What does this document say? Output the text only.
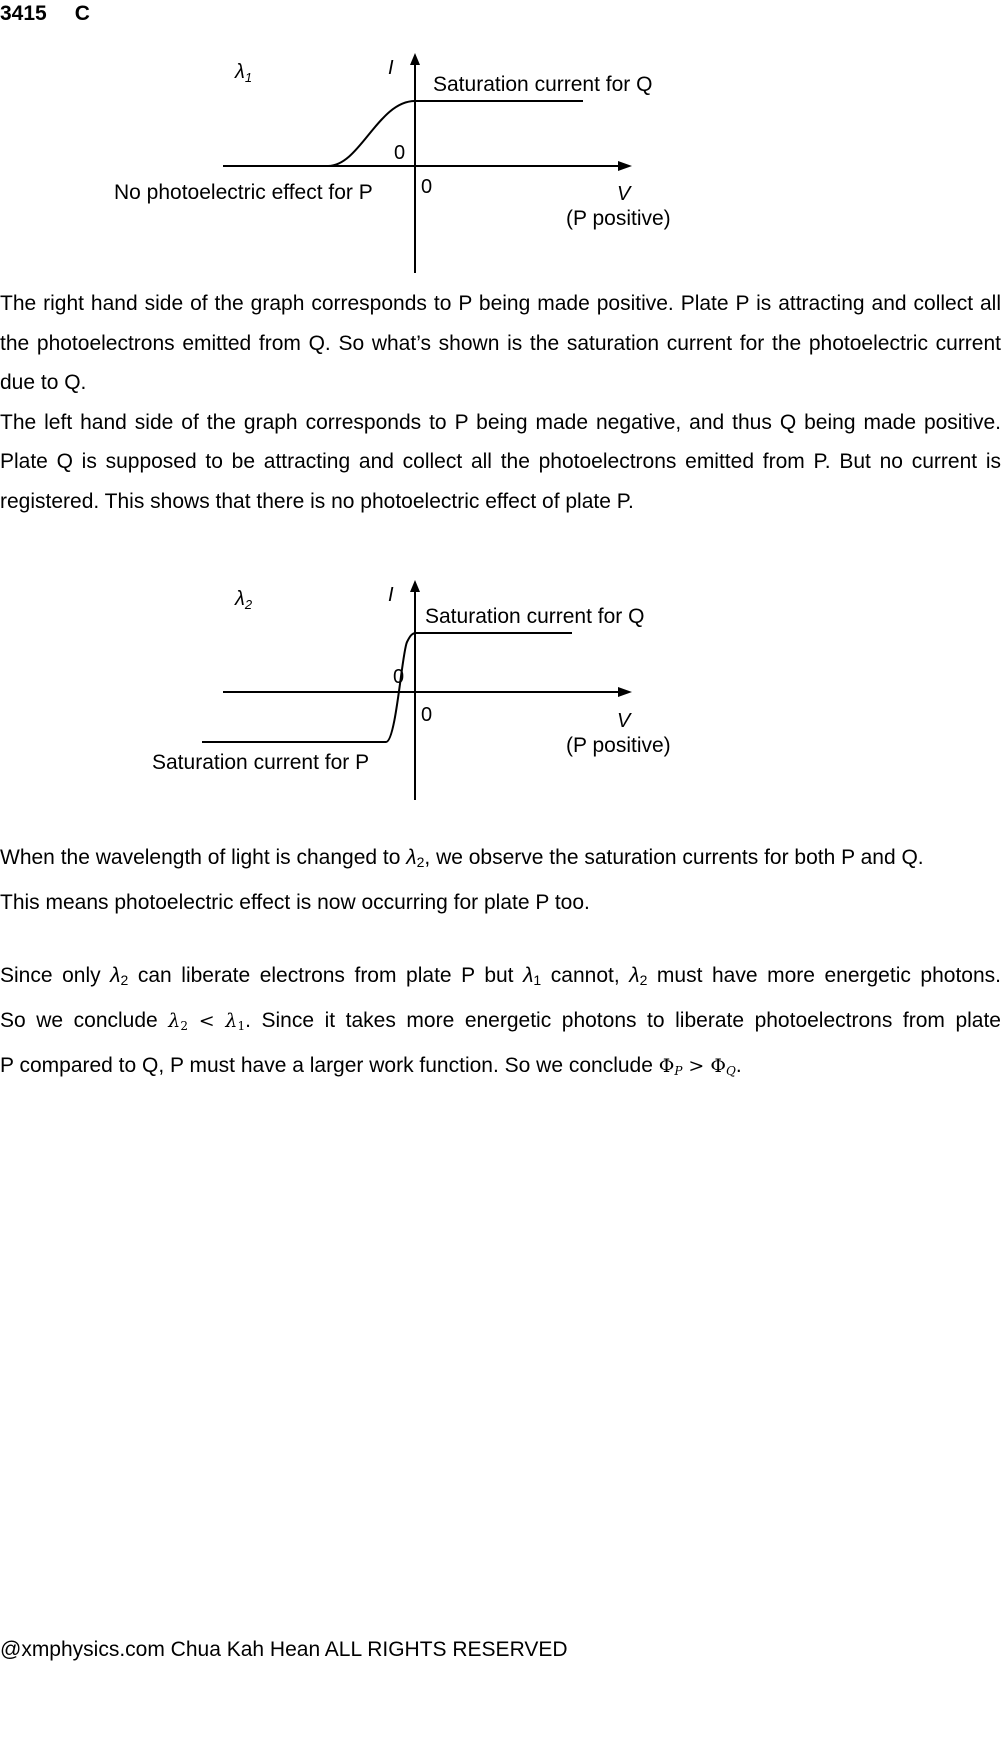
3415 C
$\lambda_1$	I
0
0
Saturation current for Q
No photoelectric effect for P	V
(P positive)

The right hand side of the graph corresponds to P being made positive. Plate P is attracting and collect all the photoelectrons emitted from Q. So what’s shown is the saturation current for the photoelectric current due to Q.

The left hand side of the graph corresponds to P being made negative, and thus Q being made positive. Plate Q is supposed to be attracting and collect all the photoelectrons emitted from P. But no current is registered. This shows that there is no photoelectric effect of plate P.

$\lambda_2$	I
0
0
Saturation current for Q
Saturation current for P
V
(P positive)

When the wavelength of light is changed to $\lambda_2$, we observe the saturation currents for both P and Q.
This means photoelectric effect is now occurring for plate P too.

Since only $\lambda_2$ can liberate electrons from plate P but $\lambda_1$ cannot, $\lambda_2$ must have more energetic photons.

So we conclude $\lambda_2 < \lambda_1$. Since it takes more energetic photons to liberate photoelectrons from plate

P compared to Q, P must have a larger work function. So we conclude $\Phi_P > \Phi_Q$.

@xmphysics.com Chua Kah Hean ALL RIGHTS RESERVED
